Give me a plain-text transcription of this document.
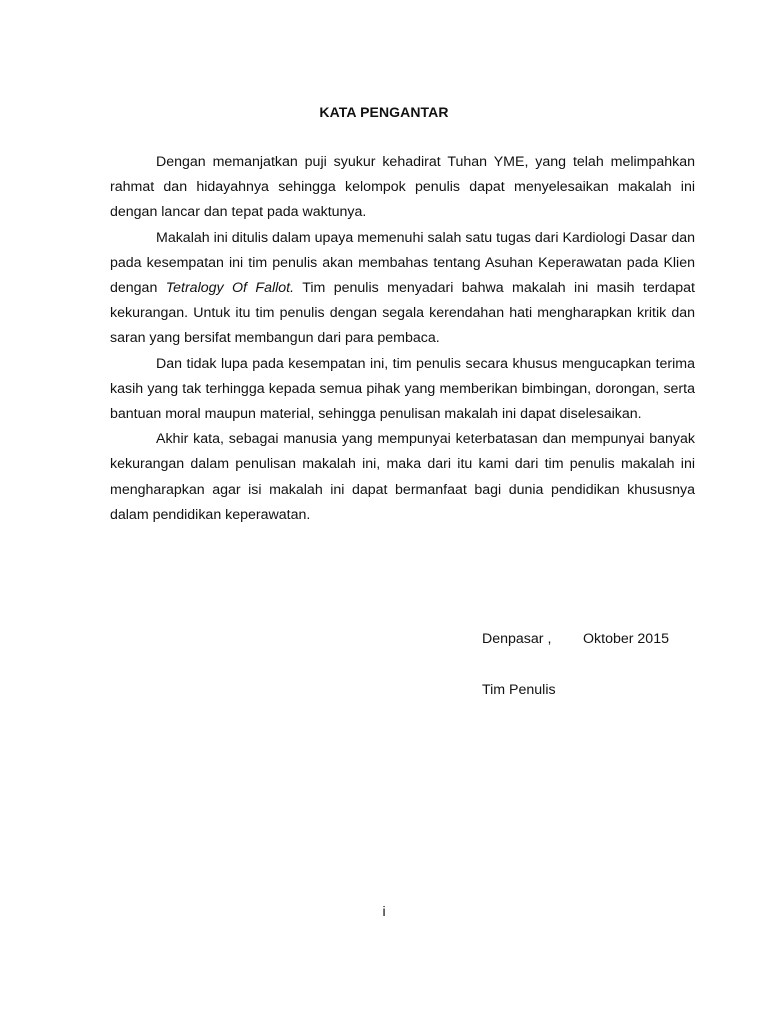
KATA PENGANTAR

Dengan memanjatkan puji syukur kehadirat Tuhan YME, yang telah melimpahkan rahmat dan hidayahnya sehingga kelompok penulis dapat menyelesaikan makalah ini dengan lancar dan tepat pada waktunya.

Makalah ini ditulis dalam upaya memenuhi salah satu tugas dari Kardiologi Dasar dan pada kesempatan ini tim penulis akan membahas tentang Asuhan Keperawatan pada Klien dengan Tetralogy Of Fallot. Tim penulis menyadari bahwa makalah ini masih terdapat kekurangan. Untuk itu tim penulis dengan segala kerendahan hati mengharapkan kritik dan saran yang bersifat membangun dari para pembaca.

Dan tidak lupa pada kesempatan ini, tim penulis secara khusus mengucapkan terima kasih yang tak terhingga kepada semua pihak yang memberikan bimbingan, dorongan, serta bantuan moral maupun material, sehingga penulisan makalah ini dapat diselesaikan.

Akhir kata, sebagai manusia yang mempunyai keterbatasan dan mempunyai banyak kekurangan dalam penulisan makalah ini, maka dari itu kami dari tim penulis makalah ini mengharapkan agar isi makalah ini dapat bermanfaat bagi dunia pendidikan khususnya dalam pendidikan keperawatan.

Denpasar , Oktober 2015
Tim Penulis
i
